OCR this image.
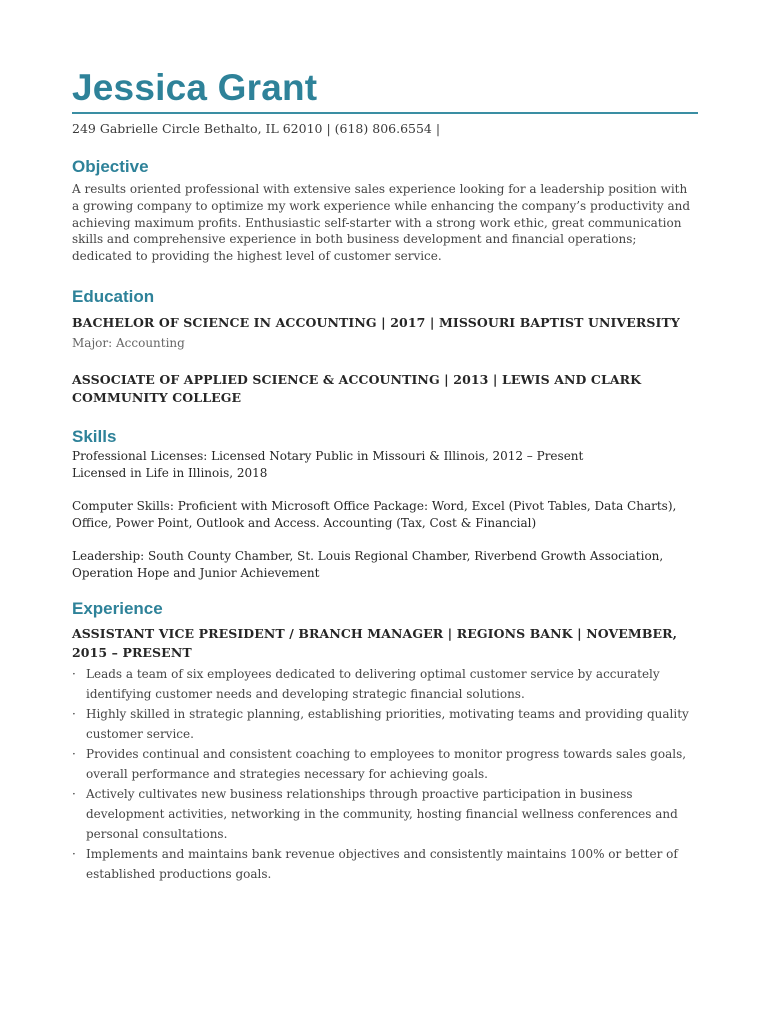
Jessica Grant
249 Gabrielle Circle Bethalto, IL 62010 | (618) 806.6554 |
Objective
A results oriented professional with extensive sales experience looking for a leadership position with a growing company to optimize my work experience while enhancing the company’s productivity and achieving maximum profits. Enthusiastic self-starter with a strong work ethic, great communication skills and comprehensive experience in both business development and financial operations; dedicated to providing the highest level of customer service.
Education
BACHELOR OF SCIENCE IN ACCOUNTING | 2017 | MISSOURI BAPTIST UNIVERSITY
Major: Accounting
ASSOCIATE OF APPLIED SCIENCE & ACCOUNTING | 2013 | LEWIS AND CLARK COMMUNITY COLLEGE
Skills
Professional Licenses: Licensed Notary Public in Missouri & Illinois, 2012 – Present
Licensed in Life in Illinois, 2018
Computer Skills: Proficient with Microsoft Office Package: Word, Excel (Pivot Tables, Data Charts), Office, Power Point, Outlook and Access. Accounting (Tax, Cost & Financial)
Leadership: South County Chamber, St. Louis Regional Chamber, Riverbend Growth Association, Operation Hope and Junior Achievement
Experience
ASSISTANT VICE PRESIDENT / BRANCH MANAGER | REGIONS BANK | NOVEMBER, 2015 – PRESENT
· Leads a team of six employees dedicated to delivering optimal customer service by accurately identifying customer needs and developing strategic financial solutions.
· Highly skilled in strategic planning, establishing priorities, motivating teams and providing quality customer service.
· Provides continual and consistent coaching to employees to monitor progress towards sales goals, overall performance and strategies necessary for achieving goals.
· Actively cultivates new business relationships through proactive participation in business development activities, networking in the community, hosting financial wellness conferences and personal consultations.
· Implements and maintains bank revenue objectives and consistently maintains 100% or better of established productions goals.
